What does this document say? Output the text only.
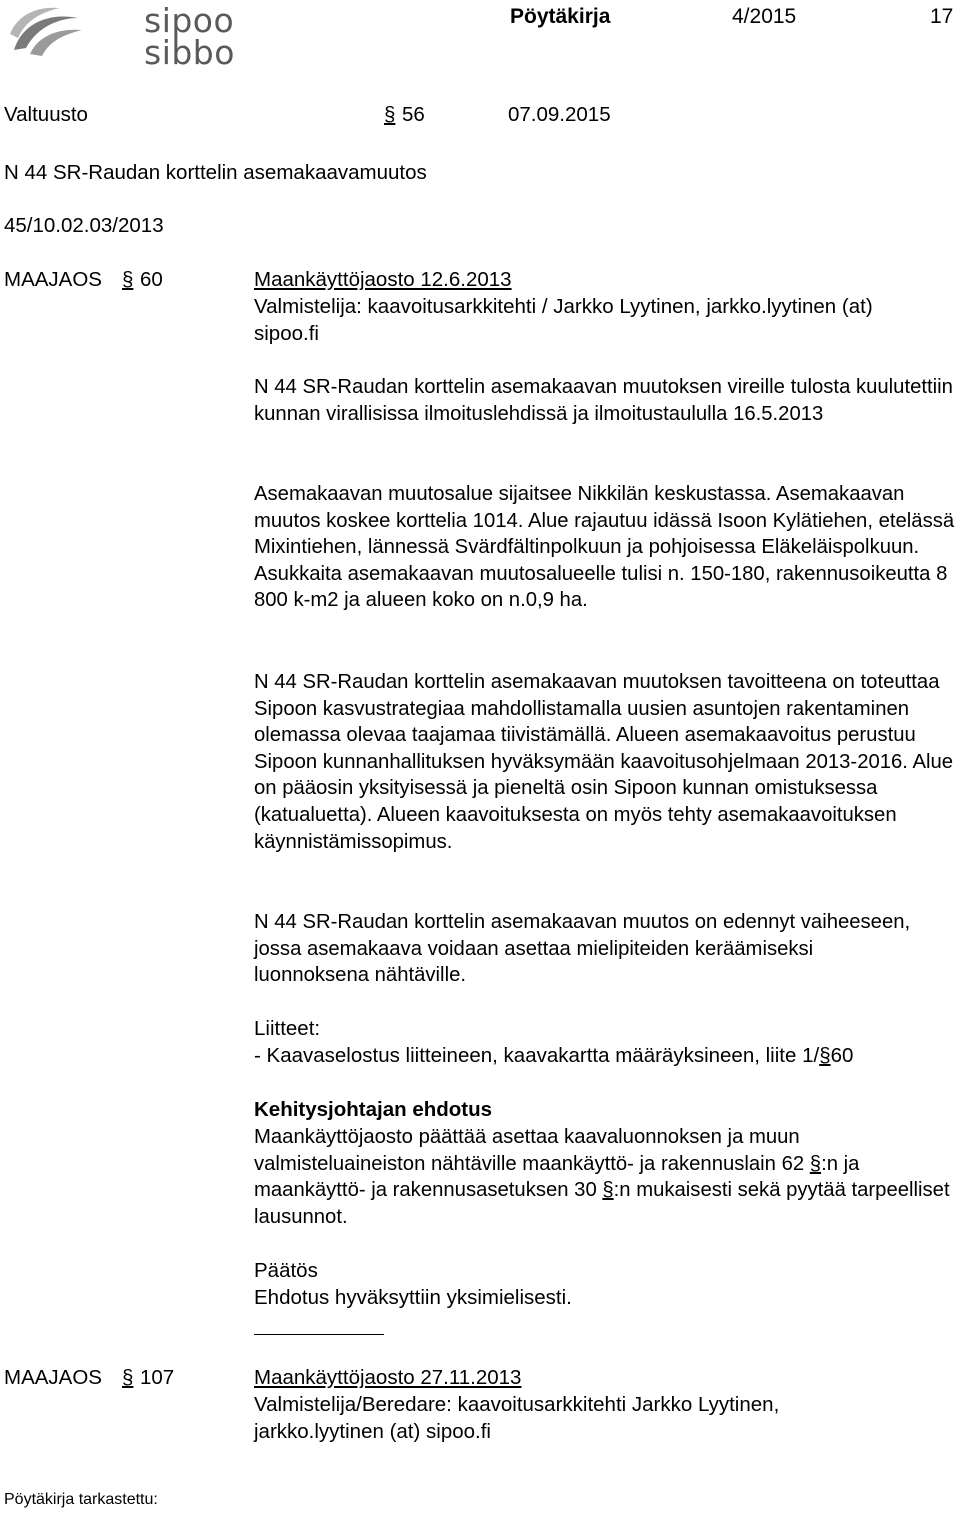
sipoo
sibbo
Pöytäkirja	4/2015	17
Valtuusto	§ 56	07.09.2015
N 44 SR-Raudan korttelin asemakaavamuutos
45/10.02.03/2013
MAAJAOS § 60	Maankäyttöjaosto 12.6.2013
Valmistelija: kaavoitusarkkitehti / Jarkko Lyytinen, jarkko.lyytinen (at)
sipoo.fi

N 44 SR-Raudan korttelin asemakaavan muutoksen vireille tulosta kuulutettiin kunnan virallisissa ilmoituslehdissä ja ilmoitustaululla 16.5.2013

Asemakaavan muutosalue sijaitsee Nikkilän keskustassa. Asemakaavan muutos koskee korttelia 1014. Alue rajautuu idässä Isoon Kylätiehen, etelässä Mixintiehen, lännessä Svärdfältinpolkuun ja pohjoisessa Eläkeläispolkuun. Asukkaita asemakaavan muutosalueelle tulisi n. 150-180, rakennusoikeutta 8 800 k-m2 ja alueen koko on n.0,9 ha.

N 44 SR-Raudan korttelin asemakaavan muutoksen tavoitteena on toteuttaa Sipoon kasvustrategiaa mahdollistamalla uusien asuntojen rakentaminen olemassa olevaa taajamaa tiivistämällä. Alueen asemakaavoitus perustuu Sipoon kunnanhallituksen hyväksymään kaavoitusohjelmaan 2013-2016. Alue on pääosin yksityisessä ja pieneltä osin Sipoon kunnan omistuksessa (katualuetta). Alueen kaavoituksesta on myös tehty asemakaavoituksen käynnistämissopimus.

N 44 SR-Raudan korttelin asemakaavan muutos on edennyt vaiheeseen, jossa asemakaava voidaan asettaa mielipiteiden keräämiseksi luonnoksena nähtäville.

Liitteet:
- Kaavaselostus liitteineen, kaavakartta määräyksineen, liite 1/§60
Kehitysjohtajan ehdotus

Maankäyttöjaosto päättää asettaa kaavaluonnoksen ja muun valmisteluaineiston nähtäville maankäyttö- ja rakennuslain 62 §:n ja maankäyttö- ja rakennusasetuksen 30 §:n mukaisesti sekä pyytää tarpeelliset lausunnot.

Päätös
Ehdotus hyväksyttiin yksimielisesti.
MAAJAOS § 107	Maankäyttöjaosto 27.11.2013
Valmistelija/Beredare: kaavoitusarkkitehti Jarkko Lyytinen,
jarkko.lyytinen (at) sipoo.fi
Pöytäkirja tarkastettu:
